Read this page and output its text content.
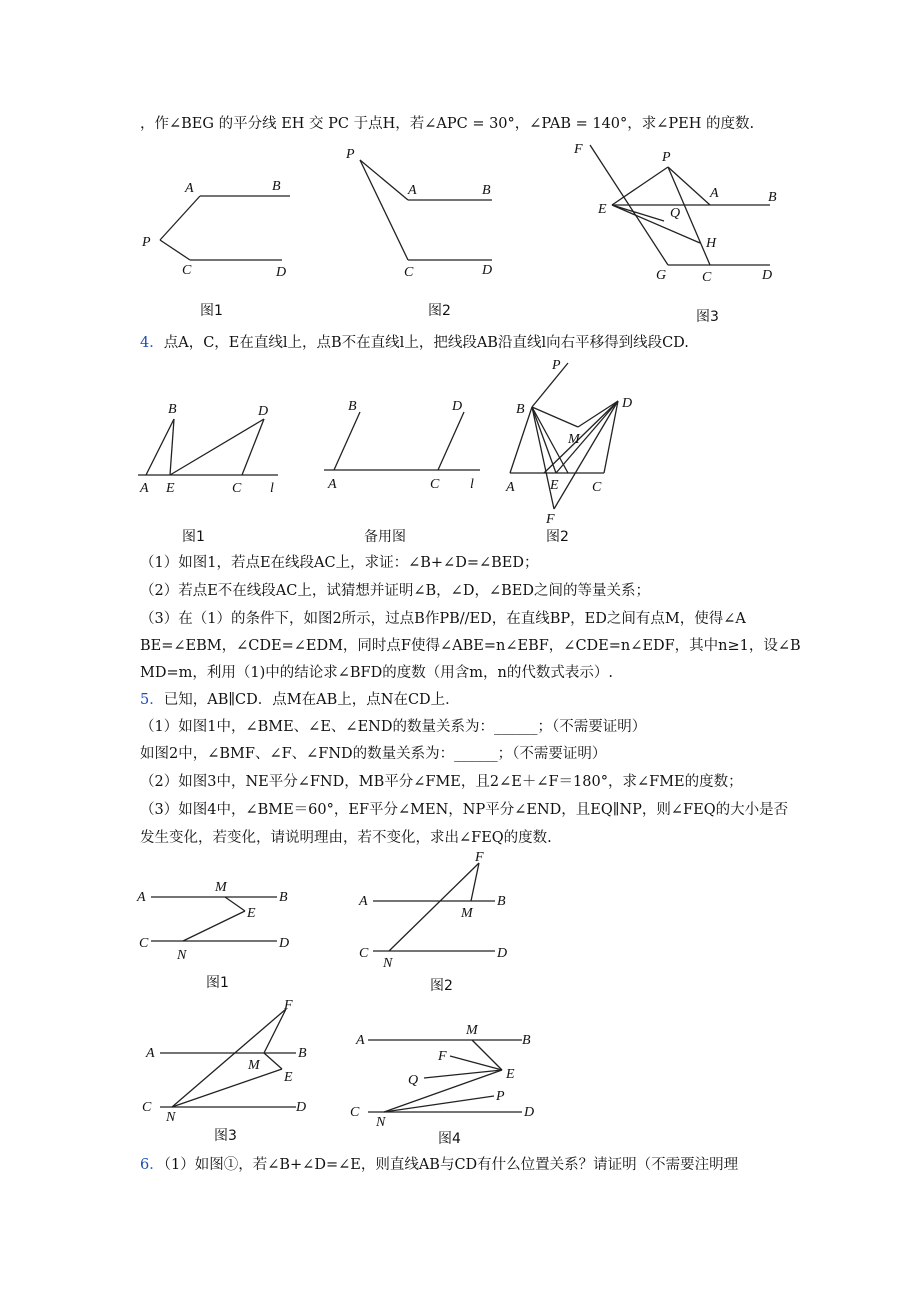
，作∠BEG 的平分线 EH 交 PC 于点H，若∠APC = 30°，∠PAB = 140°，求∠PEH 的度数.
A	B
P
C	D
图1
P
A	B
C	D
图2
F
P
A	B
E	Q
H
G	C	D
图3
4．点A，C，E在直线l上，点B不在直线l上，把线段AB沿直线l向右平移得到线段CD.
B	D
A E	C l
图1
B	D
A	C l
备用图
P
B	D
M
A	E C
F
图2
（1）如图1，若点E在线段AC上，求证：∠B+∠D=∠BED；
（2）若点E不在线段AC上，试猜想并证明∠B，∠D，∠BED之间的等量关系；
（3）在（1）的条件下，如图2所示，过点B作PB//ED，在直线BP，ED之间有点M，使得∠A
BE=∠EBM，∠CDE=∠EDM，同时点F使得∠ABE=n∠EBF，∠CDE=n∠EDF，其中n≥1，设∠B
MD=m，利用（1)中的结论求∠BFD的度数（用含m，n的代数式表示）.
5．已知，AB∥CD．点M在AB上，点N在CD上．
（1）如图1中，∠BME、∠E、∠END的数量关系为：______；（不需要证明）
如图2中，∠BMF、∠F、∠FND的数量关系为：______；（不需要证明）
（2）如图3中，NE平分∠FND，MB平分∠FME，且2∠E＋∠F＝180°，求∠FME的度数；
（3）如图4中，∠BME＝60°，EF平分∠MEN，NP平分∠END，且EQ∥NP，则∠FEQ的大小是否
发生变化，若变化，请说明理由，若不变化，求出∠FEQ的度数.
A
M
B
E
C
N
D
图1
F
A
M
B
C
N
D
图2
F
A
M
B
E
C
N
D
图3
A
M
B
F
Q	E
P
C
N
D
图4
6．（1）如图①，若∠B+∠D=∠E，则直线AB与CD有什么位置关系？请证明（不需要注明理
